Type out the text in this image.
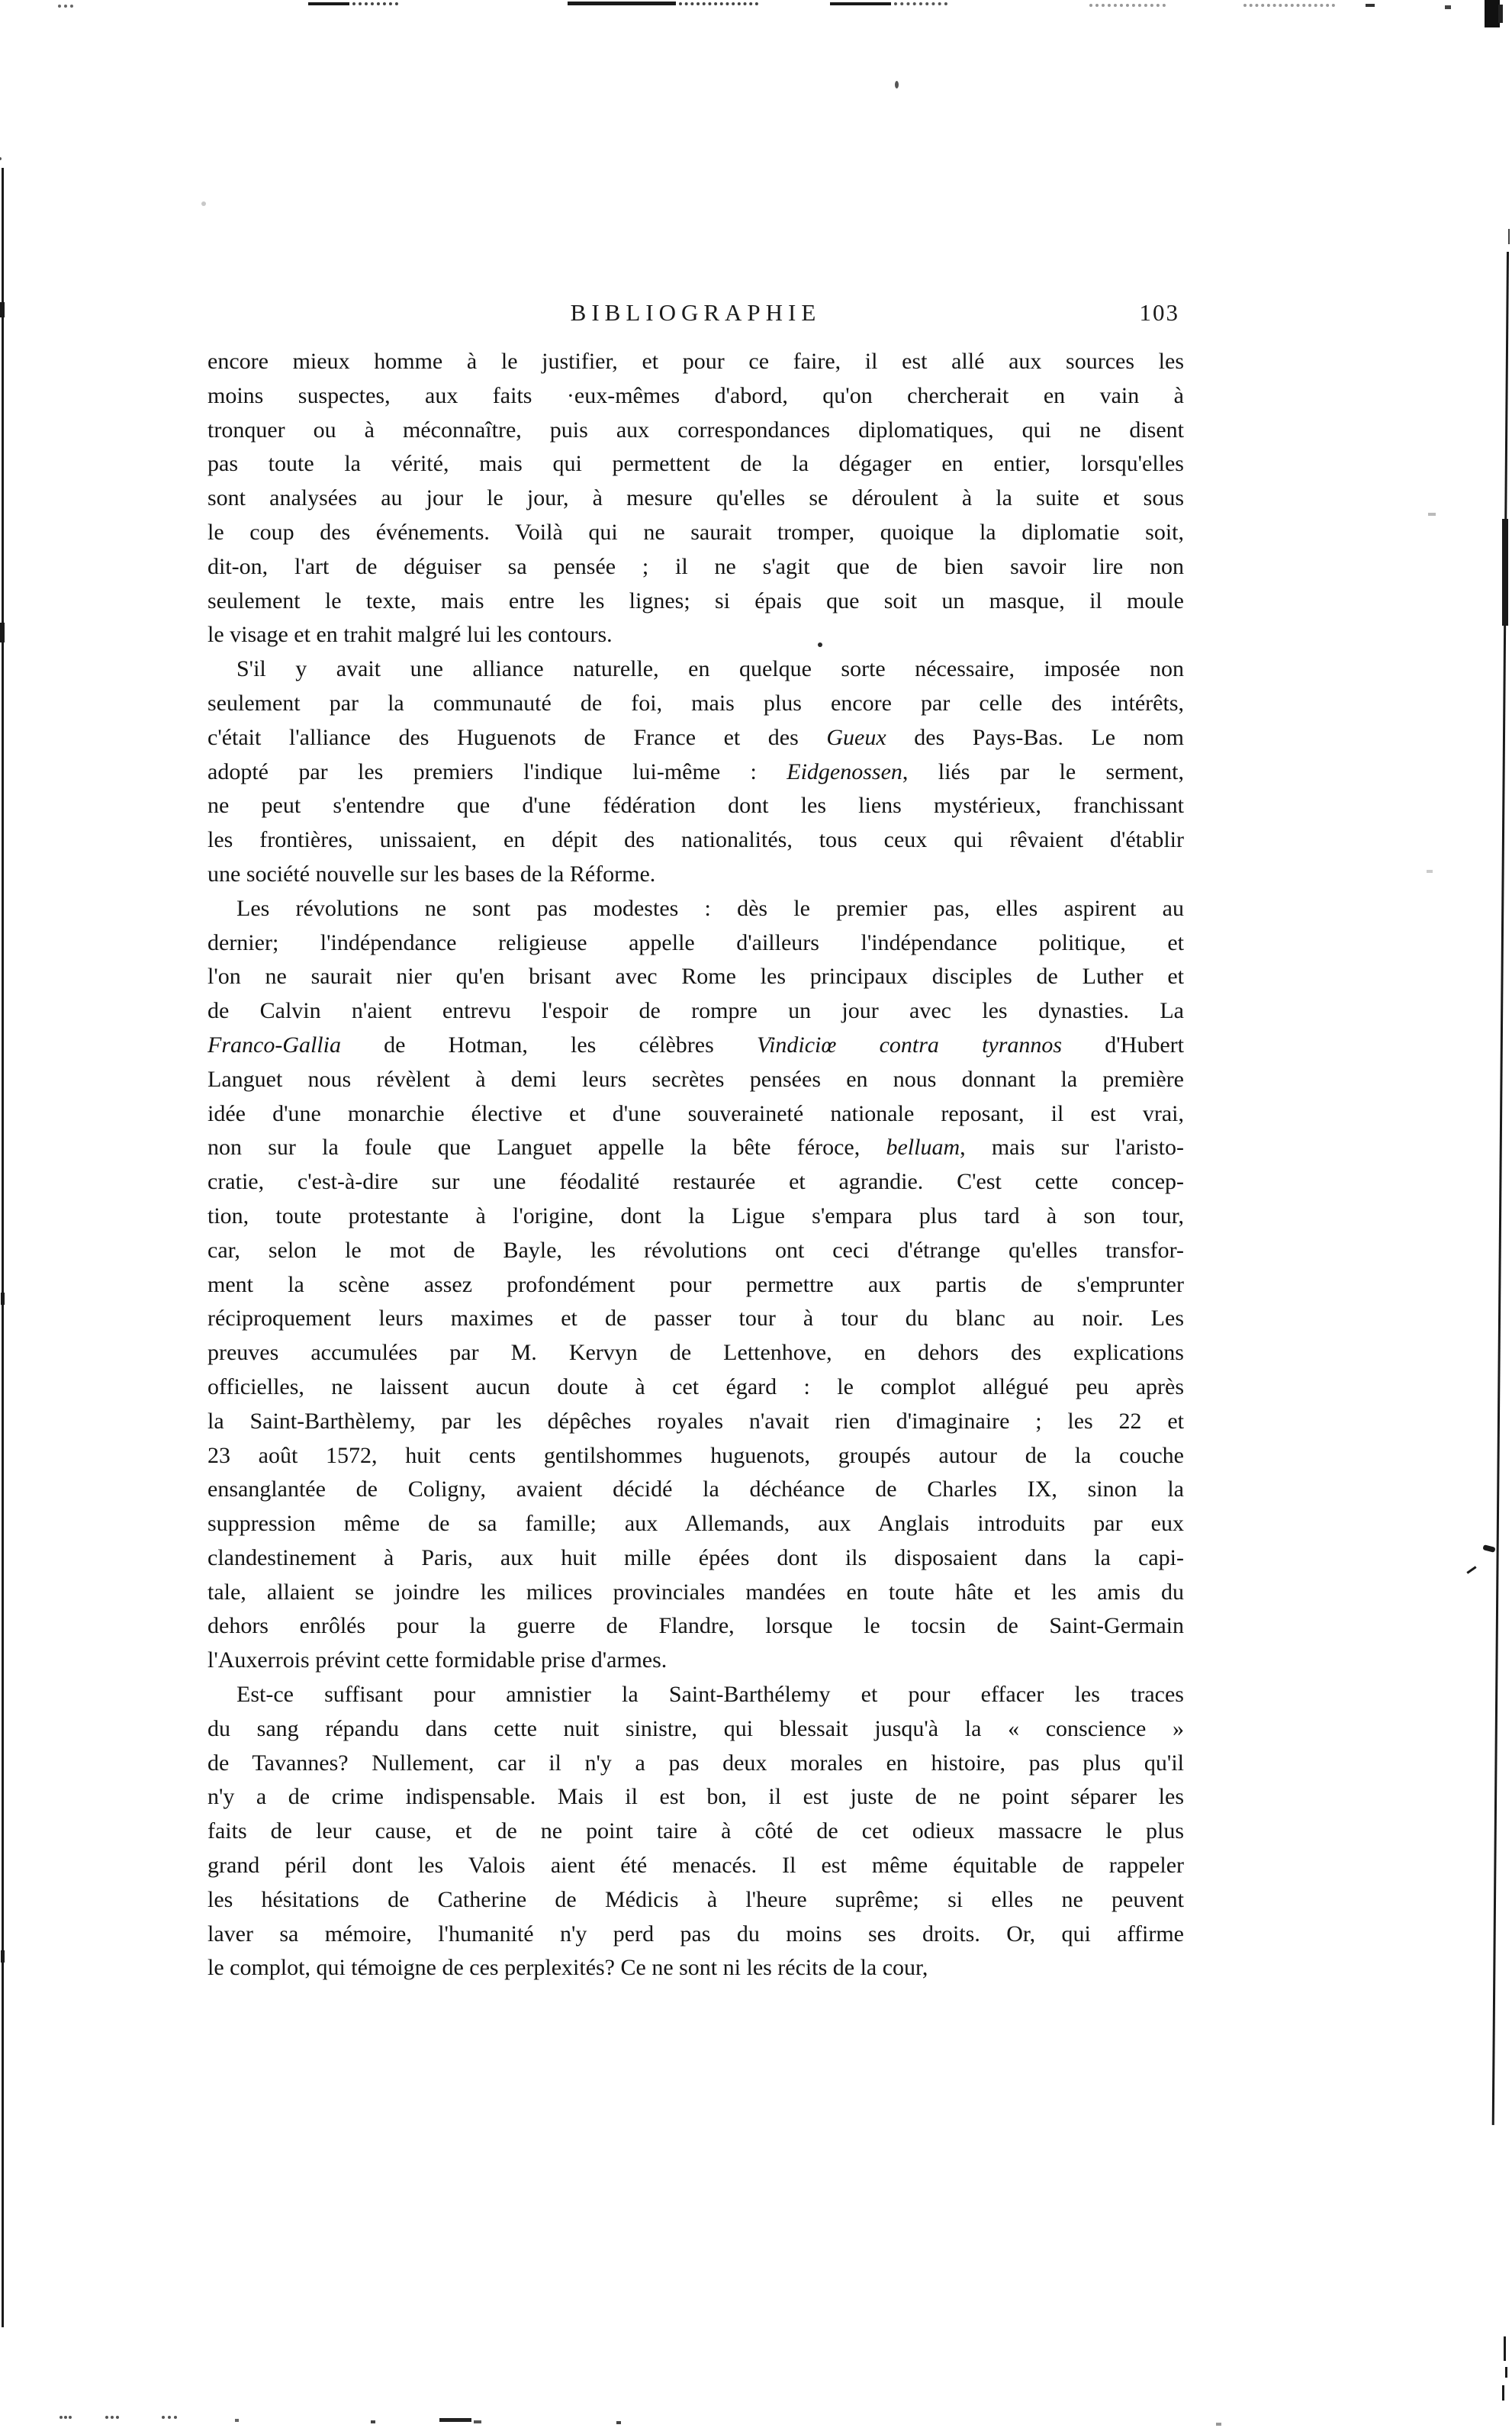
BIBLIOGRAPHIE	103
encore mieux homme à le justifier, et pour ce faire, il est allé aux sources les
moins suspectes, aux faits ·eux-mêmes d'abord, qu'on chercherait en vain à
tronquer ou à méconnaître, puis aux correspondances diplomatiques, qui ne disent
pas toute la vérité, mais qui permettent de la dégager en entier, lorsqu'elles
sont analysées au jour le jour, à mesure qu'elles se déroulent à la suite et sous
le coup des événements. Voilà qui ne saurait tromper, quoique la diplomatie soit,
dit-on, l'art de déguiser sa pensée ; il ne s'agit que de bien savoir lire non
seulement le texte, mais entre les lignes; si épais que soit un masque, il moule
le visage et en trahit malgré lui les contours.
S'il y avait une alliance naturelle, en quelque sorte nécessaire, imposée non
seulement par la communauté de foi, mais plus encore par celle des intérêts,
c'était l'alliance des Huguenots de France et des Gueux des Pays-Bas. Le nom
adopté par les premiers l'indique lui-même : Eidgenossen, liés par le serment,
ne peut s'entendre que d'une fédération dont les liens mystérieux, franchissant
les frontières, unissaient, en dépit des nationalités, tous ceux qui rêvaient d'établir
une société nouvelle sur les bases de la Réforme.
Les révolutions ne sont pas modestes : dès le premier pas, elles aspirent au
dernier; l'indépendance religieuse appelle d'ailleurs l'indépendance politique, et
l'on ne saurait nier qu'en brisant avec Rome les principaux disciples de Luther et
de Calvin n'aient entrevu l'espoir de rompre un jour avec les dynasties. La
Franco-Gallia de Hotman, les célèbres Vindiciœ contra tyrannos d'Hubert
Languet nous révèlent à demi leurs secrètes pensées en nous donnant la première
idée d'une monarchie élective et d'une souveraineté nationale reposant, il est vrai,
non sur la foule que Languet appelle la bête féroce, belluam, mais sur l'aristo-
cratie, c'est-à-dire sur une féodalité restaurée et agrandie. C'est cette concep-
tion, toute protestante à l'origine, dont la Ligue s'empara plus tard à son tour,
car, selon le mot de Bayle, les révolutions ont ceci d'étrange qu'elles transfor-
ment la scène assez profondément pour permettre aux partis de s'emprunter
réciproquement leurs maximes et de passer tour à tour du blanc au noir. Les
preuves accumulées par M. Kervyn de Lettenhove, en dehors des explications
officielles, ne laissent aucun doute à cet égard : le complot allégué peu après
la Saint-Barthèlemy, par les dépêches royales n'avait rien d'imaginaire ; les 22 et
23 août 1572, huit cents gentilshommes huguenots, groupés autour de la couche
ensanglantée de Coligny, avaient décidé la déchéance de Charles IX, sinon la
suppression même de sa famille; aux Allemands, aux Anglais introduits par eux
clandestinement à Paris, aux huit mille épées dont ils disposaient dans la capi-
tale, allaient se joindre les milices provinciales mandées en toute hâte et les amis du
dehors enrôlés pour la guerre de Flandre, lorsque le tocsin de Saint-Germain
l'Auxerrois prévint cette formidable prise d'armes.
Est-ce suffisant pour amnistier la Saint-Barthélemy et pour effacer les traces
du sang répandu dans cette nuit sinistre, qui blessait jusqu'à la « conscience »
de Tavannes? Nullement, car il n'y a pas deux morales en histoire, pas plus qu'il
n'y a de crime indispensable. Mais il est bon, il est juste de ne point séparer les
faits de leur cause, et de ne point taire à côté de cet odieux massacre le plus
grand péril dont les Valois aient été menacés. Il est même équitable de rappeler
les hésitations de Catherine de Médicis à l'heure suprême; si elles ne peuvent
laver sa mémoire, l'humanité n'y perd pas du moins ses droits. Or, qui affirme
le complot, qui témoigne de ces perplexités? Ce ne sont ni les récits de la cour,
